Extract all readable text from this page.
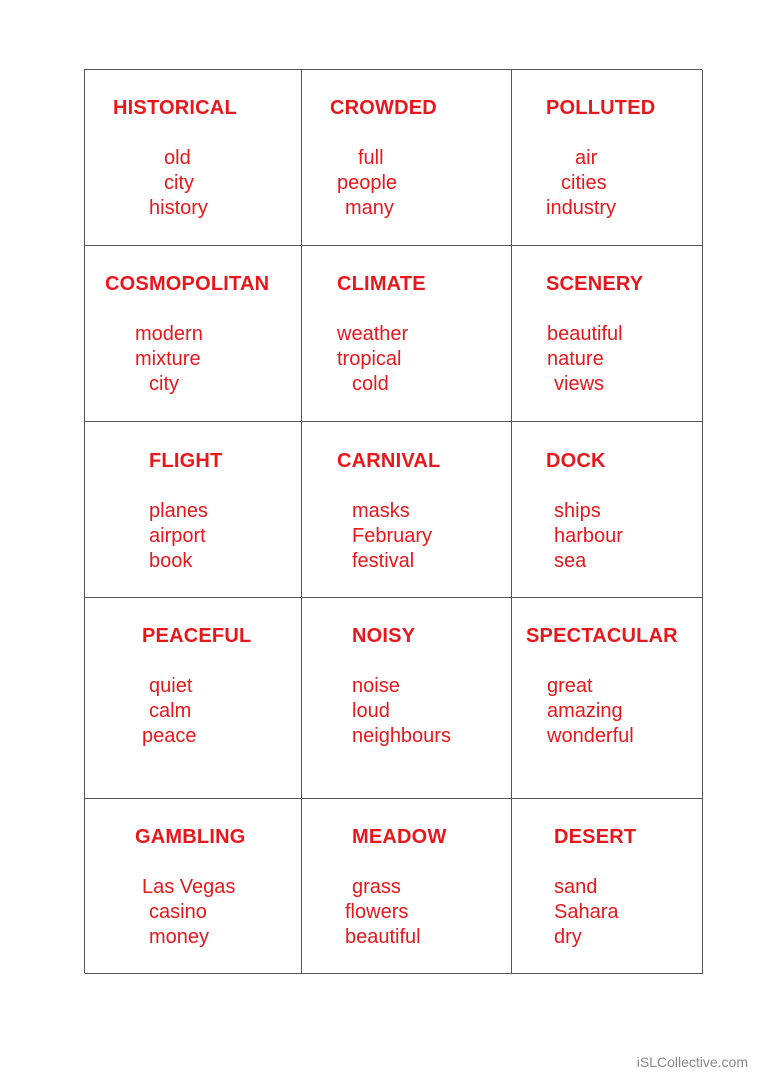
HISTORICAL
old
city
history
CROWDED
full
people
many
POLLUTED
air
cities
industry
COSMOPOLITAN
modern
mixture
city
CLIMATE
weather
tropical
cold
SCENERY
beautiful
nature
views
FLIGHT
planes
airport
book
CARNIVAL
masks
February
festival
DOCK
ships
harbour
sea
PEACEFUL
quiet
calm
peace
NOISY
noise
loud
neighbours
SPECTACULAR
great
amazing
wonderful
GAMBLING
Las Vegas
casino
money
MEADOW
grass
flowers
beautiful
DESERT
sand
Sahara
dry
iSLCollective.com
